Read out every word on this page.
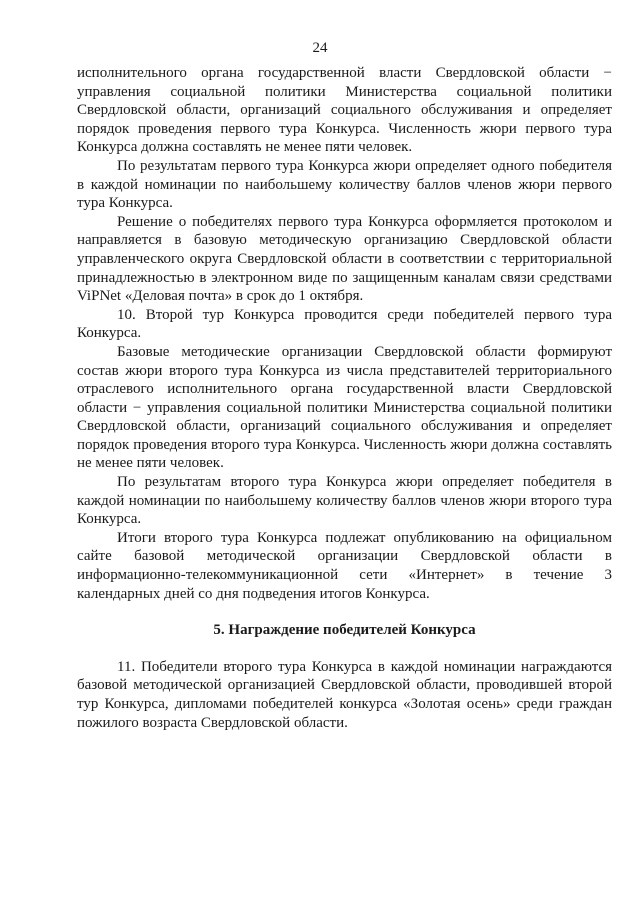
24

исполнительного органа государственной власти Свердловской области − управления социальной политики Министерства социальной политики Свердловской области, организаций социального обслуживания и определяет порядок проведения первого тура Конкурса. Численность жюри первого тура Конкурса должна составлять не менее пяти человек.

По результатам первого тура Конкурса жюри определяет одного победителя в каждой номинации по наибольшему количеству баллов членов жюри первого тура Конкурса.

Решение о победителях первого тура Конкурса оформляется протоколом и направляется в базовую методическую организацию Свердловской области управленческого округа Свердловской области в соответствии с территориальной принадлежностью в электронном виде по защищенным каналам связи средствами ViPNet «Деловая почта» в срок до 1 октября.

10. Второй тур Конкурса проводится среди победителей первого тура Конкурса.

Базовые методические организации Свердловской области формируют состав жюри второго тура Конкурса из числа представителей территориального отраслевого исполнительного органа государственной власти Свердловской области − управления социальной политики Министерства социальной политики Свердловской области, организаций социального обслуживания и определяет порядок проведения второго тура Конкурса. Численность жюри должна составлять не менее пяти человек.

По результатам второго тура Конкурса жюри определяет победителя в каждой номинации по наибольшему количеству баллов членов жюри второго тура Конкурса.

Итоги второго тура Конкурса подлежат опубликованию на официальном сайте базовой методической организации Свердловской области в информационно-телекоммуникационной сети «Интернет» в течение 3 календарных дней со дня подведения итогов Конкурса.

5. Награждение победителей Конкурса

11. Победители второго тура Конкурса в каждой номинации награждаются базовой методической организацией Свердловской области, проводившей второй тур Конкурса, дипломами победителей конкурса «Золотая осень» среди граждан пожилого возраста Свердловской области.
